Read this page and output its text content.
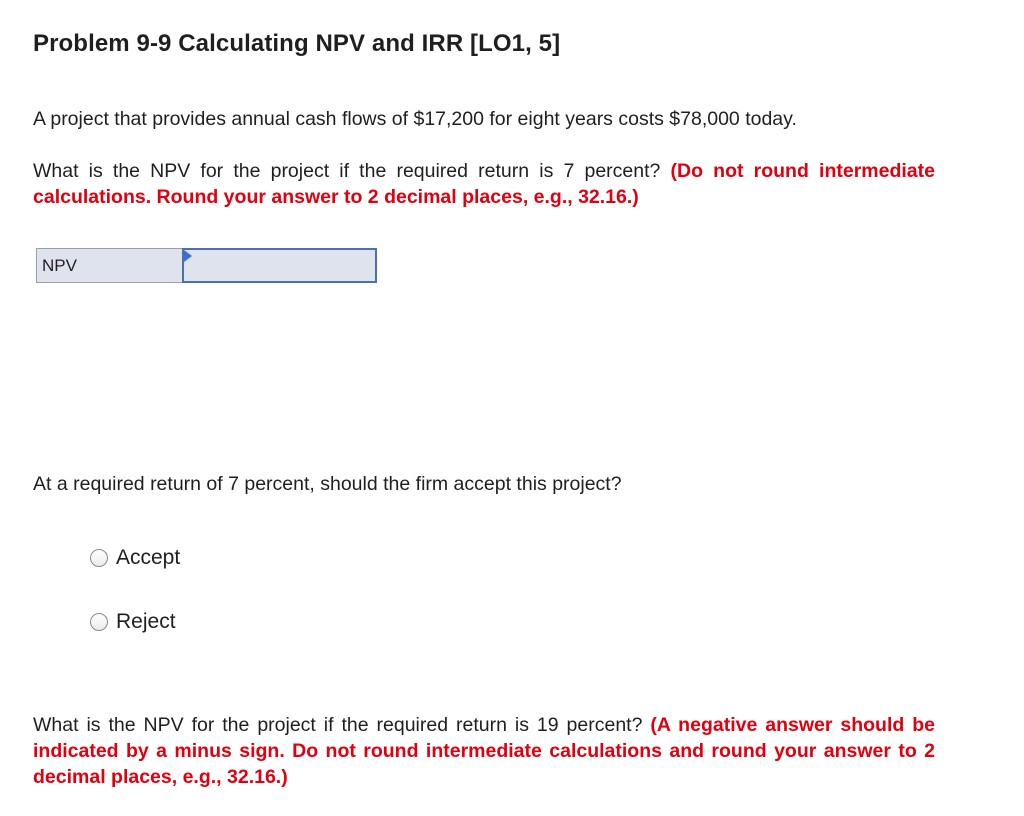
Problem 9-9 Calculating NPV and IRR [LO1, 5]

A project that provides annual cash flows of $17,200 for eight years costs $78,000 today.

What is the NPV for the project if the required return is 7 percent? (Do not round intermediate calculations. Round your answer to 2 decimal places, e.g., 32.16.)

NPV

At a required return of 7 percent, should the firm accept this project?

Accept
Reject

What is the NPV for the project if the required return is 19 percent? (A negative answer should be indicated by a minus sign. Do not round intermediate calculations and round your answer to 2 decimal places, e.g., 32.16.)
